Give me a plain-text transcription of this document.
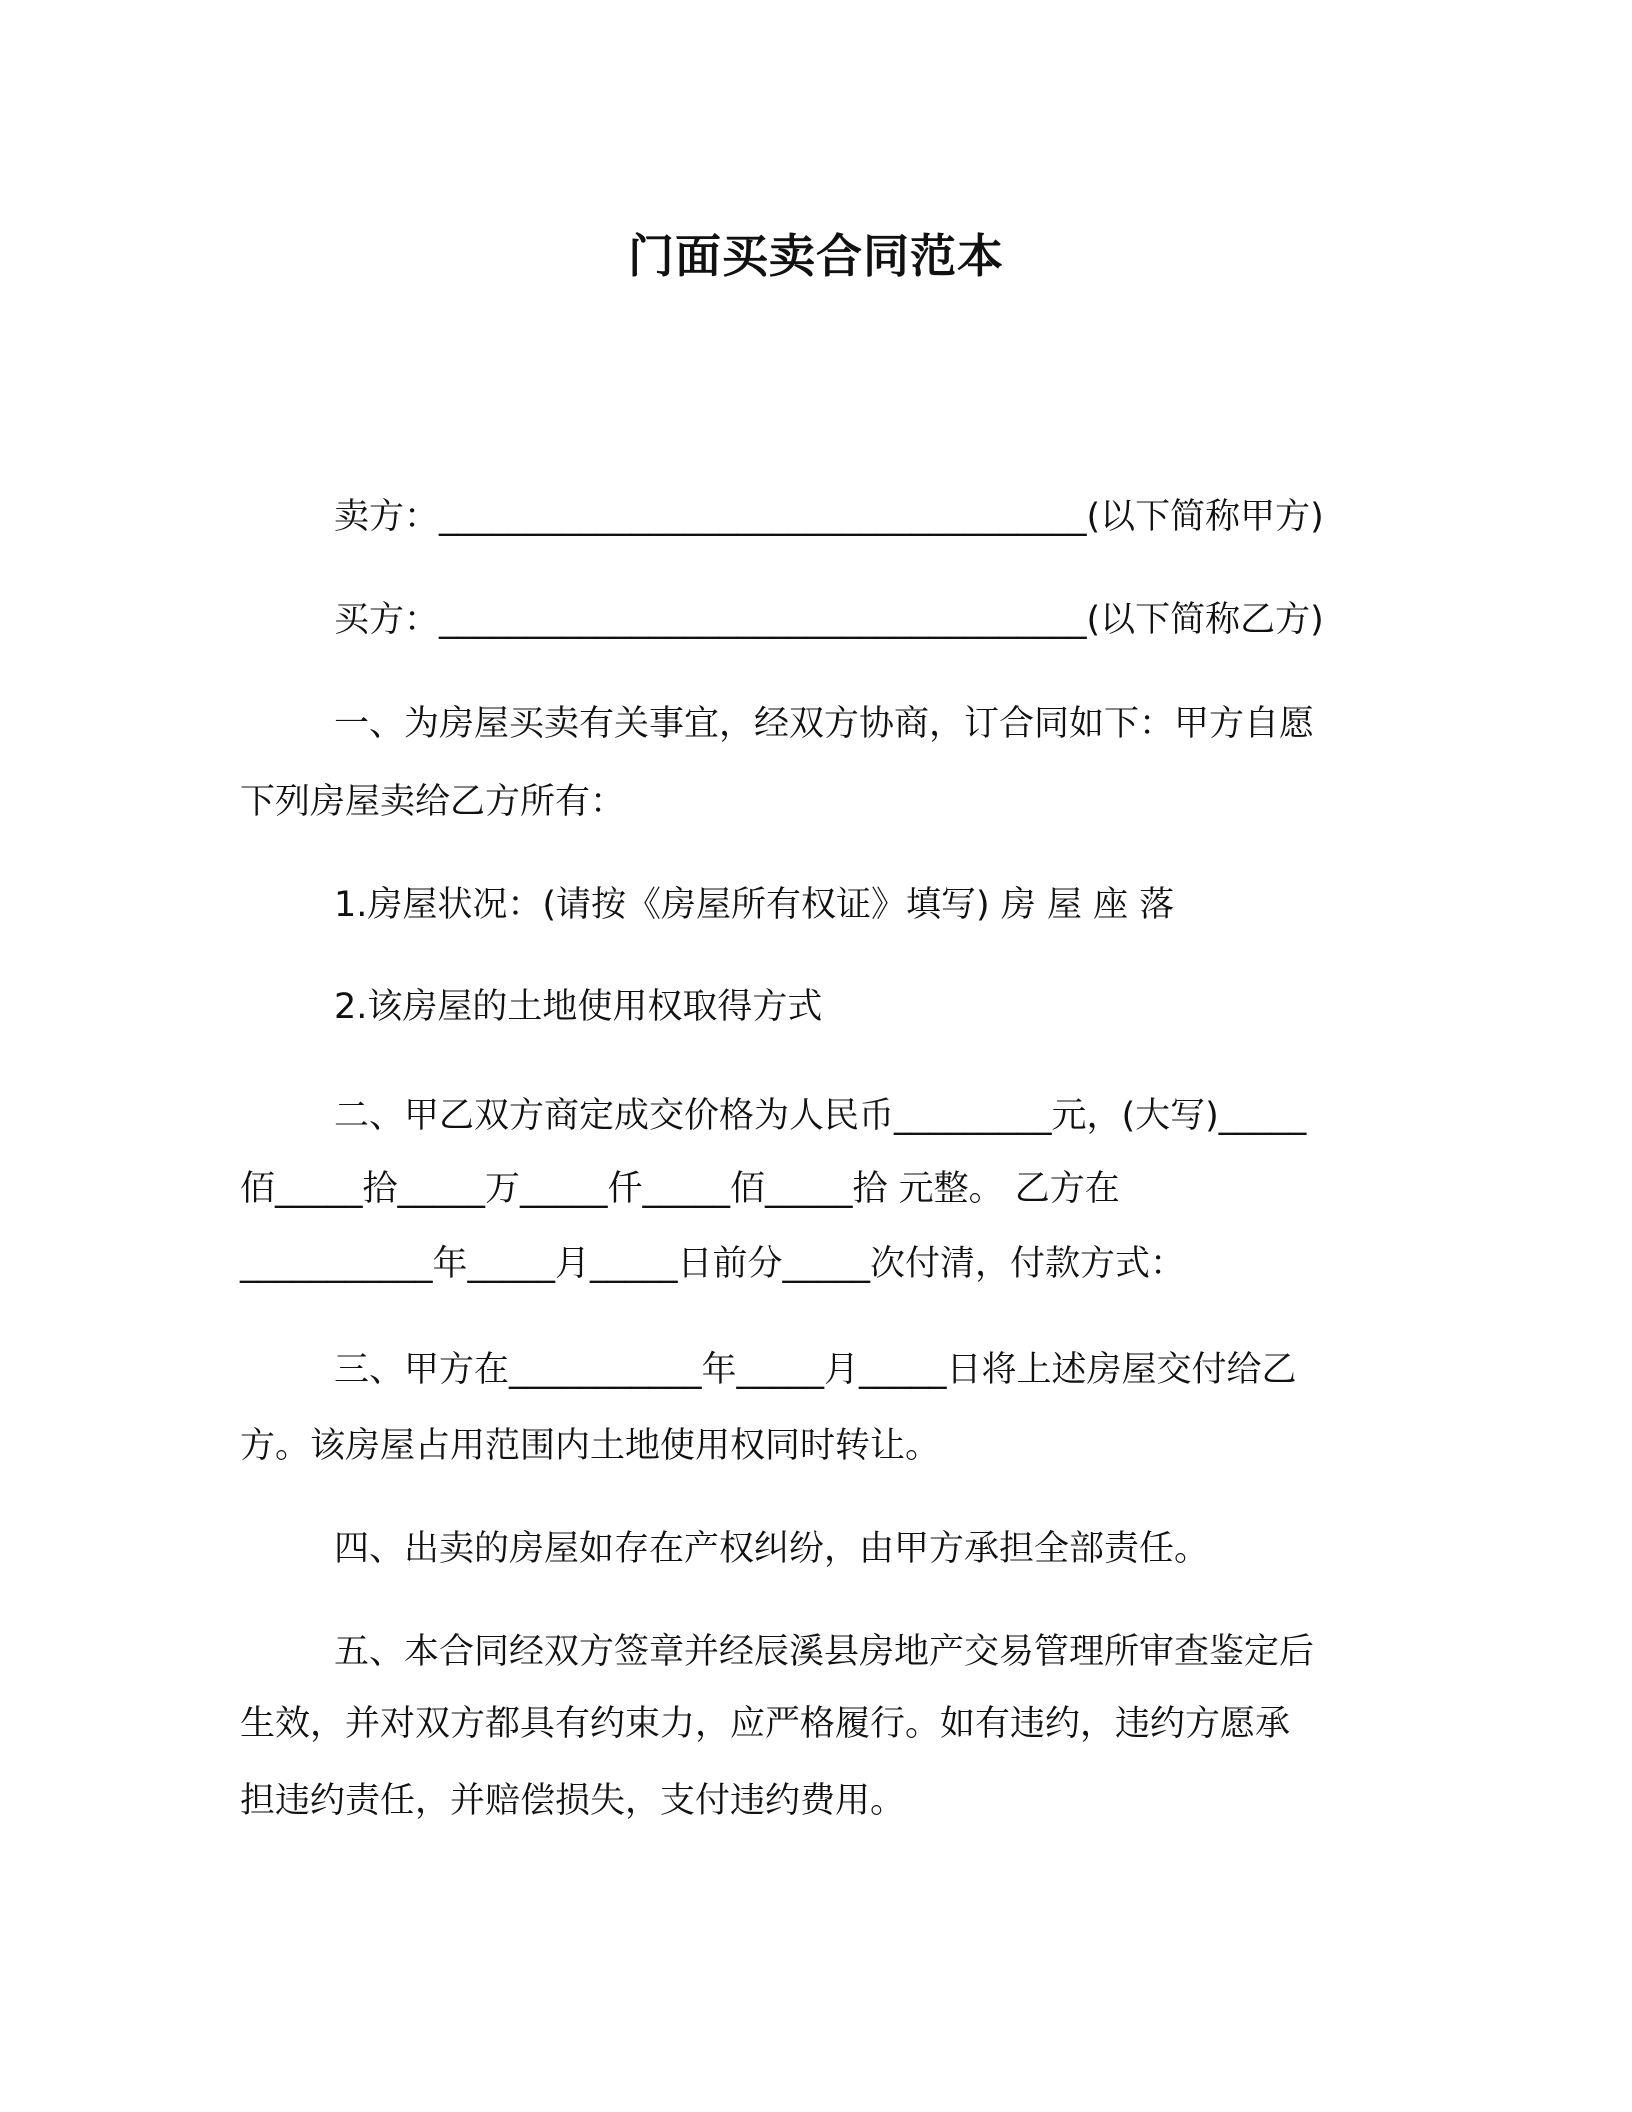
门面买卖合同范本
卖方：_____________________________________(以下简称甲方)
买方：_____________________________________(以下简称乙方)
一、为房屋买卖有关事宜，经双方协商，订合同如下：甲方自愿
下列房屋卖给乙方所有：
1.房屋状况：(请按《房屋所有权证》填写) 房 屋 座 落
2.该房屋的土地使用权取得方式
二、甲乙双方商定成交价格为人民币_________元，(大写)_____
佰_____拾_____万_____仟_____佰_____拾 元整。 乙方在
___________年_____月_____日前分_____次付清，付款方式：
三、甲方在___________年_____月_____日将上述房屋交付给乙
方。该房屋占用范围内土地使用权同时转让。
四、出卖的房屋如存在产权纠纷，由甲方承担全部责任。
五、本合同经双方签章并经辰溪县房地产交易管理所审查鉴定后
生效，并对双方都具有约束力，应严格履行。如有违约，违约方愿承
担违约责任，并赔偿损失，支付违约费用。
